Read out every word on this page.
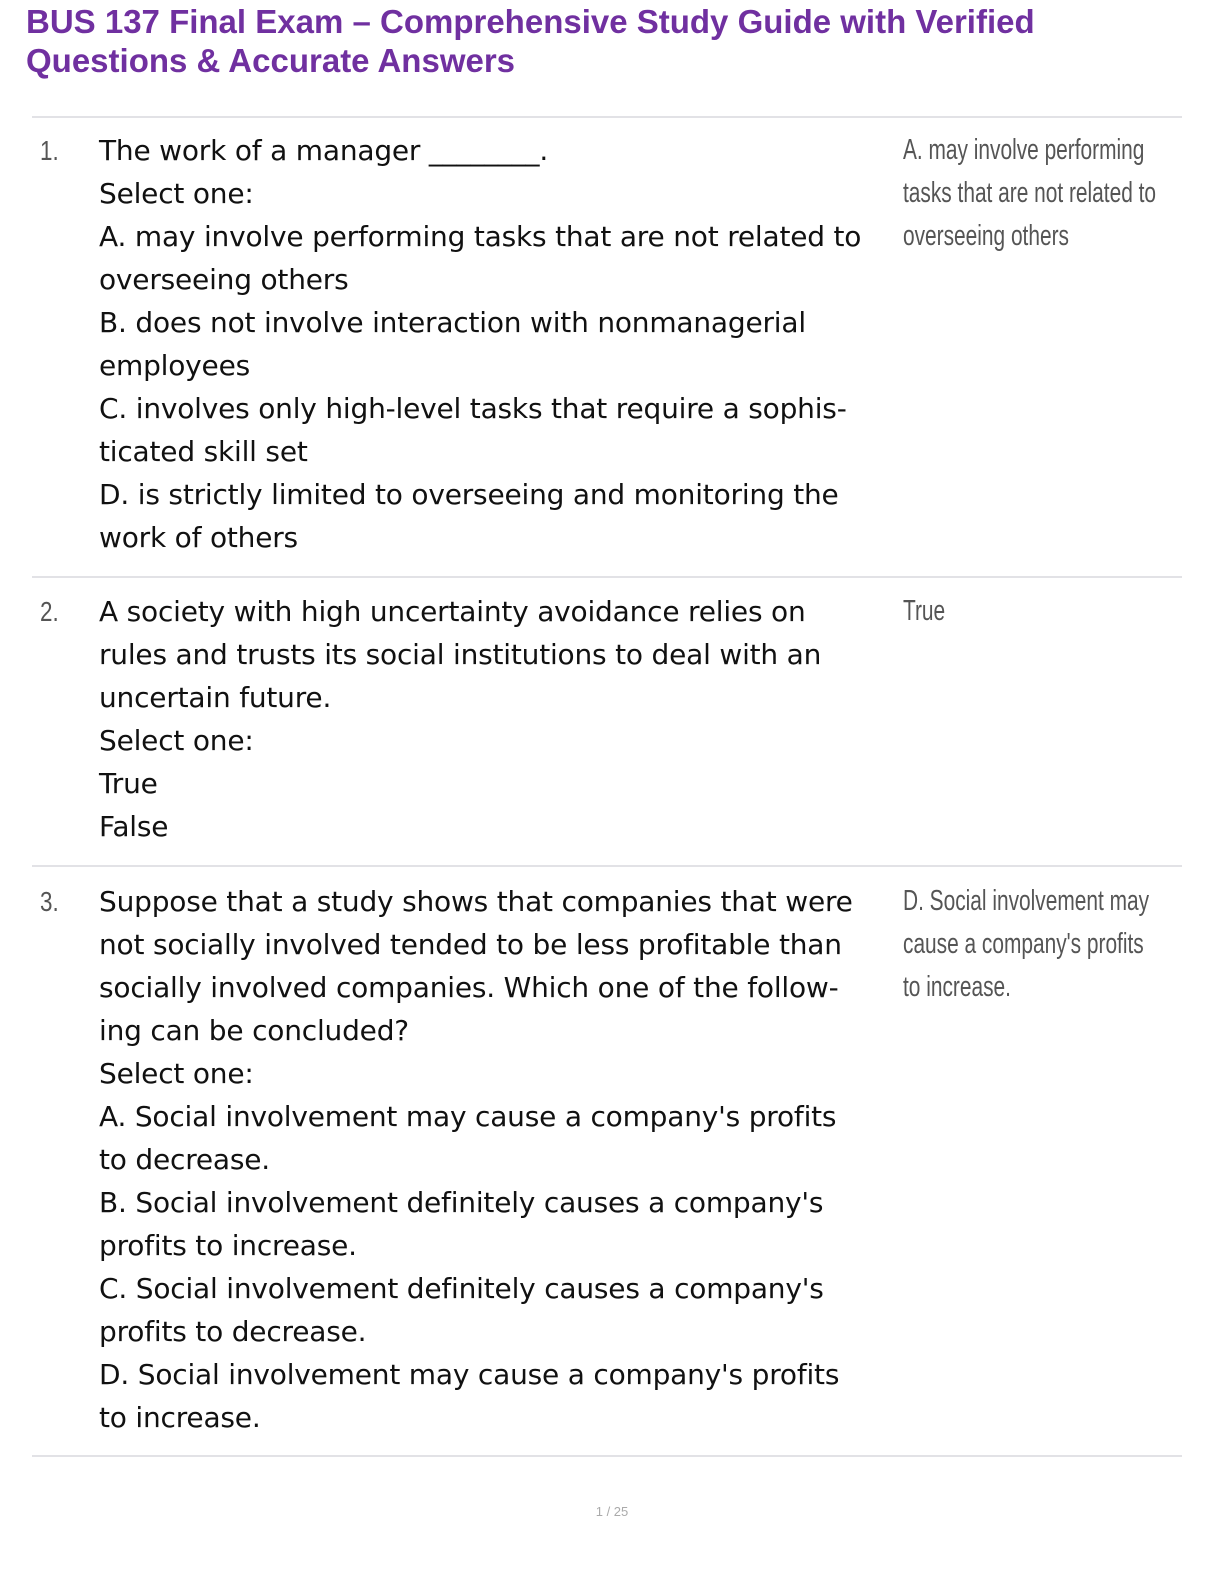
BUS 137 Final Exam – Comprehensive Study Guide with Verified
Questions & Accurate Answers
1. The work of a manager ________.
Select one:
A. may involve performing tasks that are not related to
overseeing others
B. does not involve interaction with nonmanagerial
employees
C. involves only high-level tasks that require a sophis-
ticated skill set
D. is strictly limited to overseeing and monitoring the
work of others
A. may involve performing
tasks that are not related to
overseeing others
2. A society with high uncertainty avoidance relies on
rules and trusts its social institutions to deal with an
uncertain future.
Select one:
True
False
True
3. Suppose that a study shows that companies that were
not socially involved tended to be less profitable than
socially involved companies. Which one of the follow-
ing can be concluded?
Select one:
A. Social involvement may cause a company's profits
to decrease.
B. Social involvement definitely causes a company's
profits to increase.
C. Social involvement definitely causes a company's
profits to decrease.
D. Social involvement may cause a company's profits
to increase.
D. Social involvement may
cause a company's profits
to increase.
1 / 25
